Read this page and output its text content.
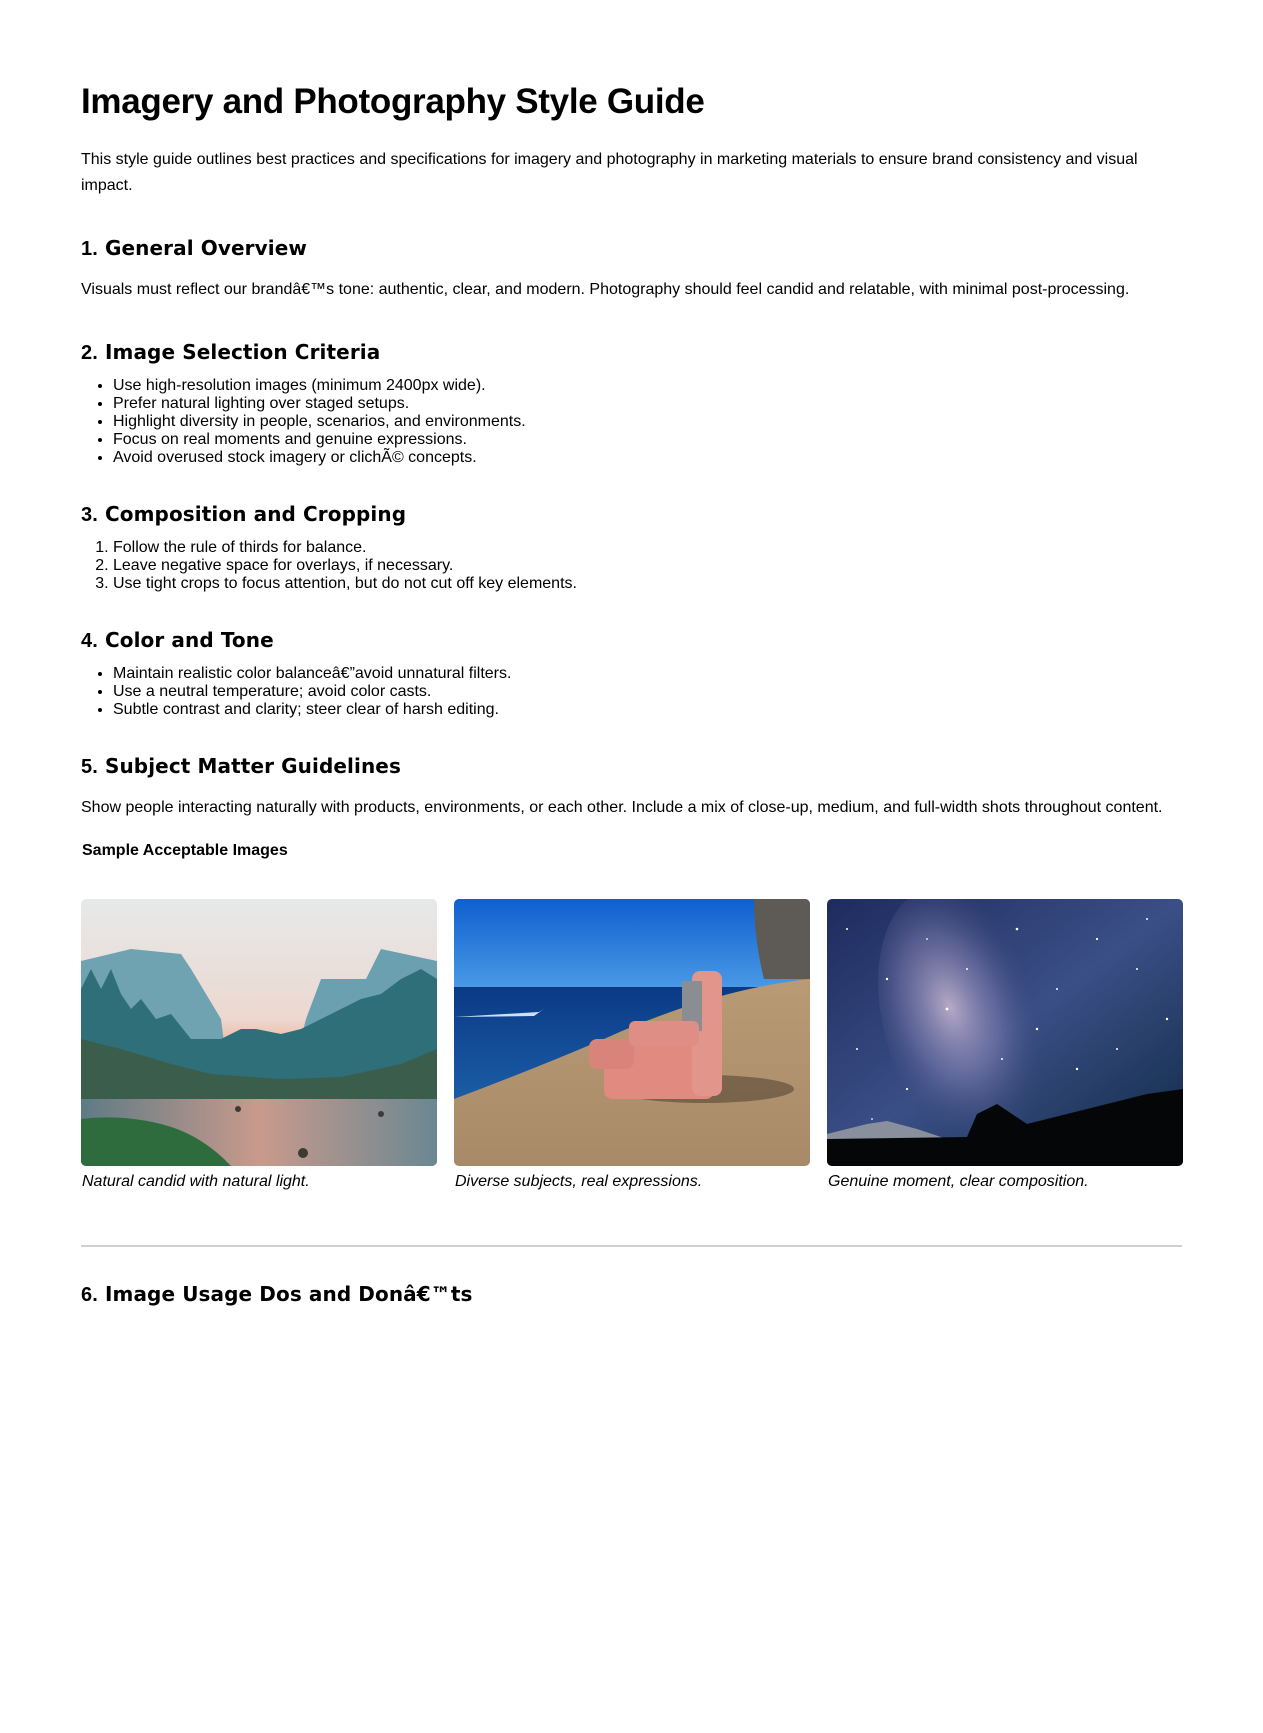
Imagery and Photography Style Guide

This style guide outlines best practices and specifications for imagery and photography in marketing materials to ensure brand consistency and visual impact.

1. General Overview

Visuals must reflect our brandâ€™s tone: authentic, clear, and modern. Photography should feel candid and relatable, with minimal post-processing.

2. Image Selection Criteria
• Use high-resolution images (minimum 2400px wide).
• Prefer natural lighting over staged setups.
• Highlight diversity in people, scenarios, and environments.
• Focus on real moments and genuine expressions.
• Avoid overused stock imagery or clichÃ© concepts.
3. Composition and Cropping
1. Follow the rule of thirds for balance.
2. Leave negative space for overlays, if necessary.
3. Use tight crops to focus attention, but do not cut off key elements.
4. Color and Tone
• Maintain realistic color balanceâ€”avoid unnatural filters.
• Use a neutral temperature; avoid color casts.
• Subtle contrast and clarity; steer clear of harsh editing.
5. Subject Matter Guidelines

Show people interacting naturally with products, environments, or each other. Include a mix of close-up, medium, and full-width shots throughout content.

Sample Acceptable Images
Natural candid with natural light.	Diverse subjects, real expressions.	Genuine moment, clear composition.
6. Image Usage Dos and Donâ€™ts
